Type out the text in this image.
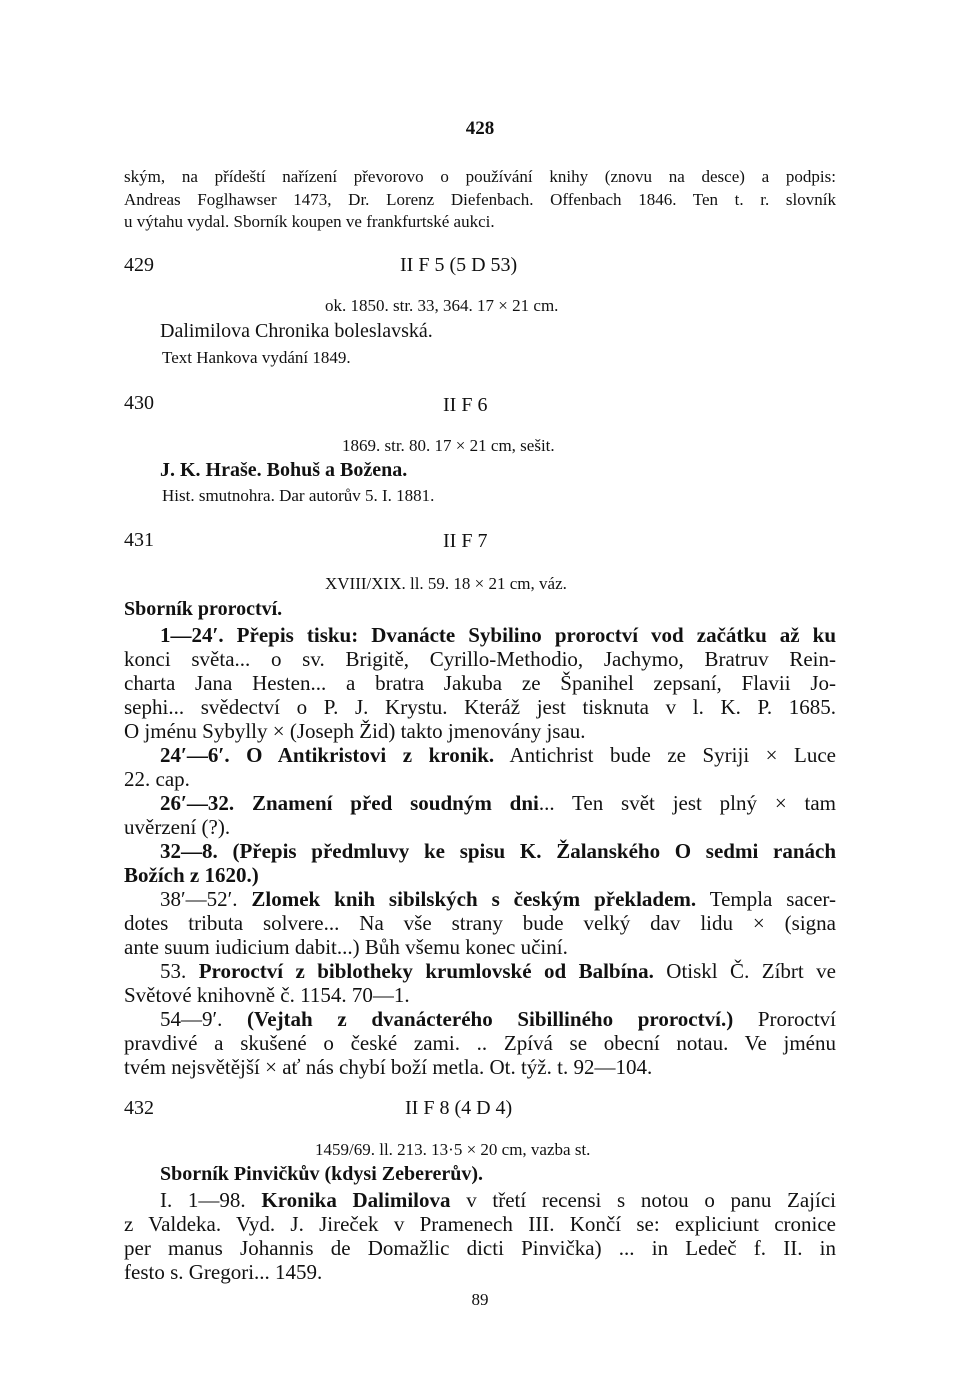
428
ským, na přídeští nařízení převorovo o používání knihy (znovu na desce) a podpis:
Andreas Foglhawser 1473, Dr. Lorenz Diefenbach. Offenbach 1846. Ten t. r. slovník
u výtahu vydal. Sborník koupen ve frankfurtské aukci.
429	II F 5 (5 D 53)
ok. 1850. str. 33, 364. 17 × 21 cm.
Dalimilova Chronika boleslavská.
Text Hankova vydání 1849.
430	II F 6
1869. str. 80. 17 × 21 cm, sešit.
J. K. Hraše. Bohuš a Božena.
Hist. smutnohra. Dar autorův 5. I. 1881.
431	II F 7
XVIII/XIX. ll. 59. 18 × 21 cm, váz.
Sborník proroctví.
1—24′. Přepis tisku: Dvanácte Sybilino proroctví vod začátku až ku
konci světa... o sv. Brigitě, Cyrillo-Methodio, Jachymo, Bratruv Rein-
charta Jana Hesten... a bratra Jakuba ze Španihel zepsaní, Flavii Jo-
sephi... svědectví o P. J. Krystu. Kteráž jest tisknuta v l. K. P. 1685.
O jménu Sybylly × (Joseph Žid) takto jmenovány jsau.
24′—6′. O Antikristovi z kronik. Antichrist bude ze Syriji × Luce
22. cap.
26′—32. Znamení před soudným dni... Ten svět jest plný × tam
uvěrzení (?).
32—8. (Přepis předmluvy ke spisu K. Žalanského O sedmi ranách
Božích z 1620.)
38′—52′. Zlomek knih sibilských s českým překladem. Templa sacer-
dotes tributa solvere... Na vše strany bude velký dav lidu × (signa
ante suum iudicium dabit...) Bůh všemu konec učiní.
53. Proroctví z biblotheky krumlovské od Balbína. Otiskl Č. Zíbrt ve
Světové knihovně č. 1154. 70—1.
54—9′. (Vejtah z dvanácterého Sibilliného proroctví.) Proroctví
pravdivé a skušené o české zami. .. Zpívá se obecní notau. Ve jménu
tvém nejsvětější × ať nás chybí boží metla. Ot. týž. t. 92—104.
432	II F 8 (4 D 4)
1459/69. ll. 213. 13·5 × 20 cm, vazba st.
Sborník Pinvičkův (kdysi Zebererův).
I. 1—98. Kronika Dalimilova v třetí recensi s notou o panu Zajíci
z Valdeka. Vyd. J. Jireček v Pramenech III. Končí se: expliciunt cronice
per manus Johannis de Domažlic dicti Pinvička) ... in Ledeč f. II. in
festo s. Gregori... 1459.
89
